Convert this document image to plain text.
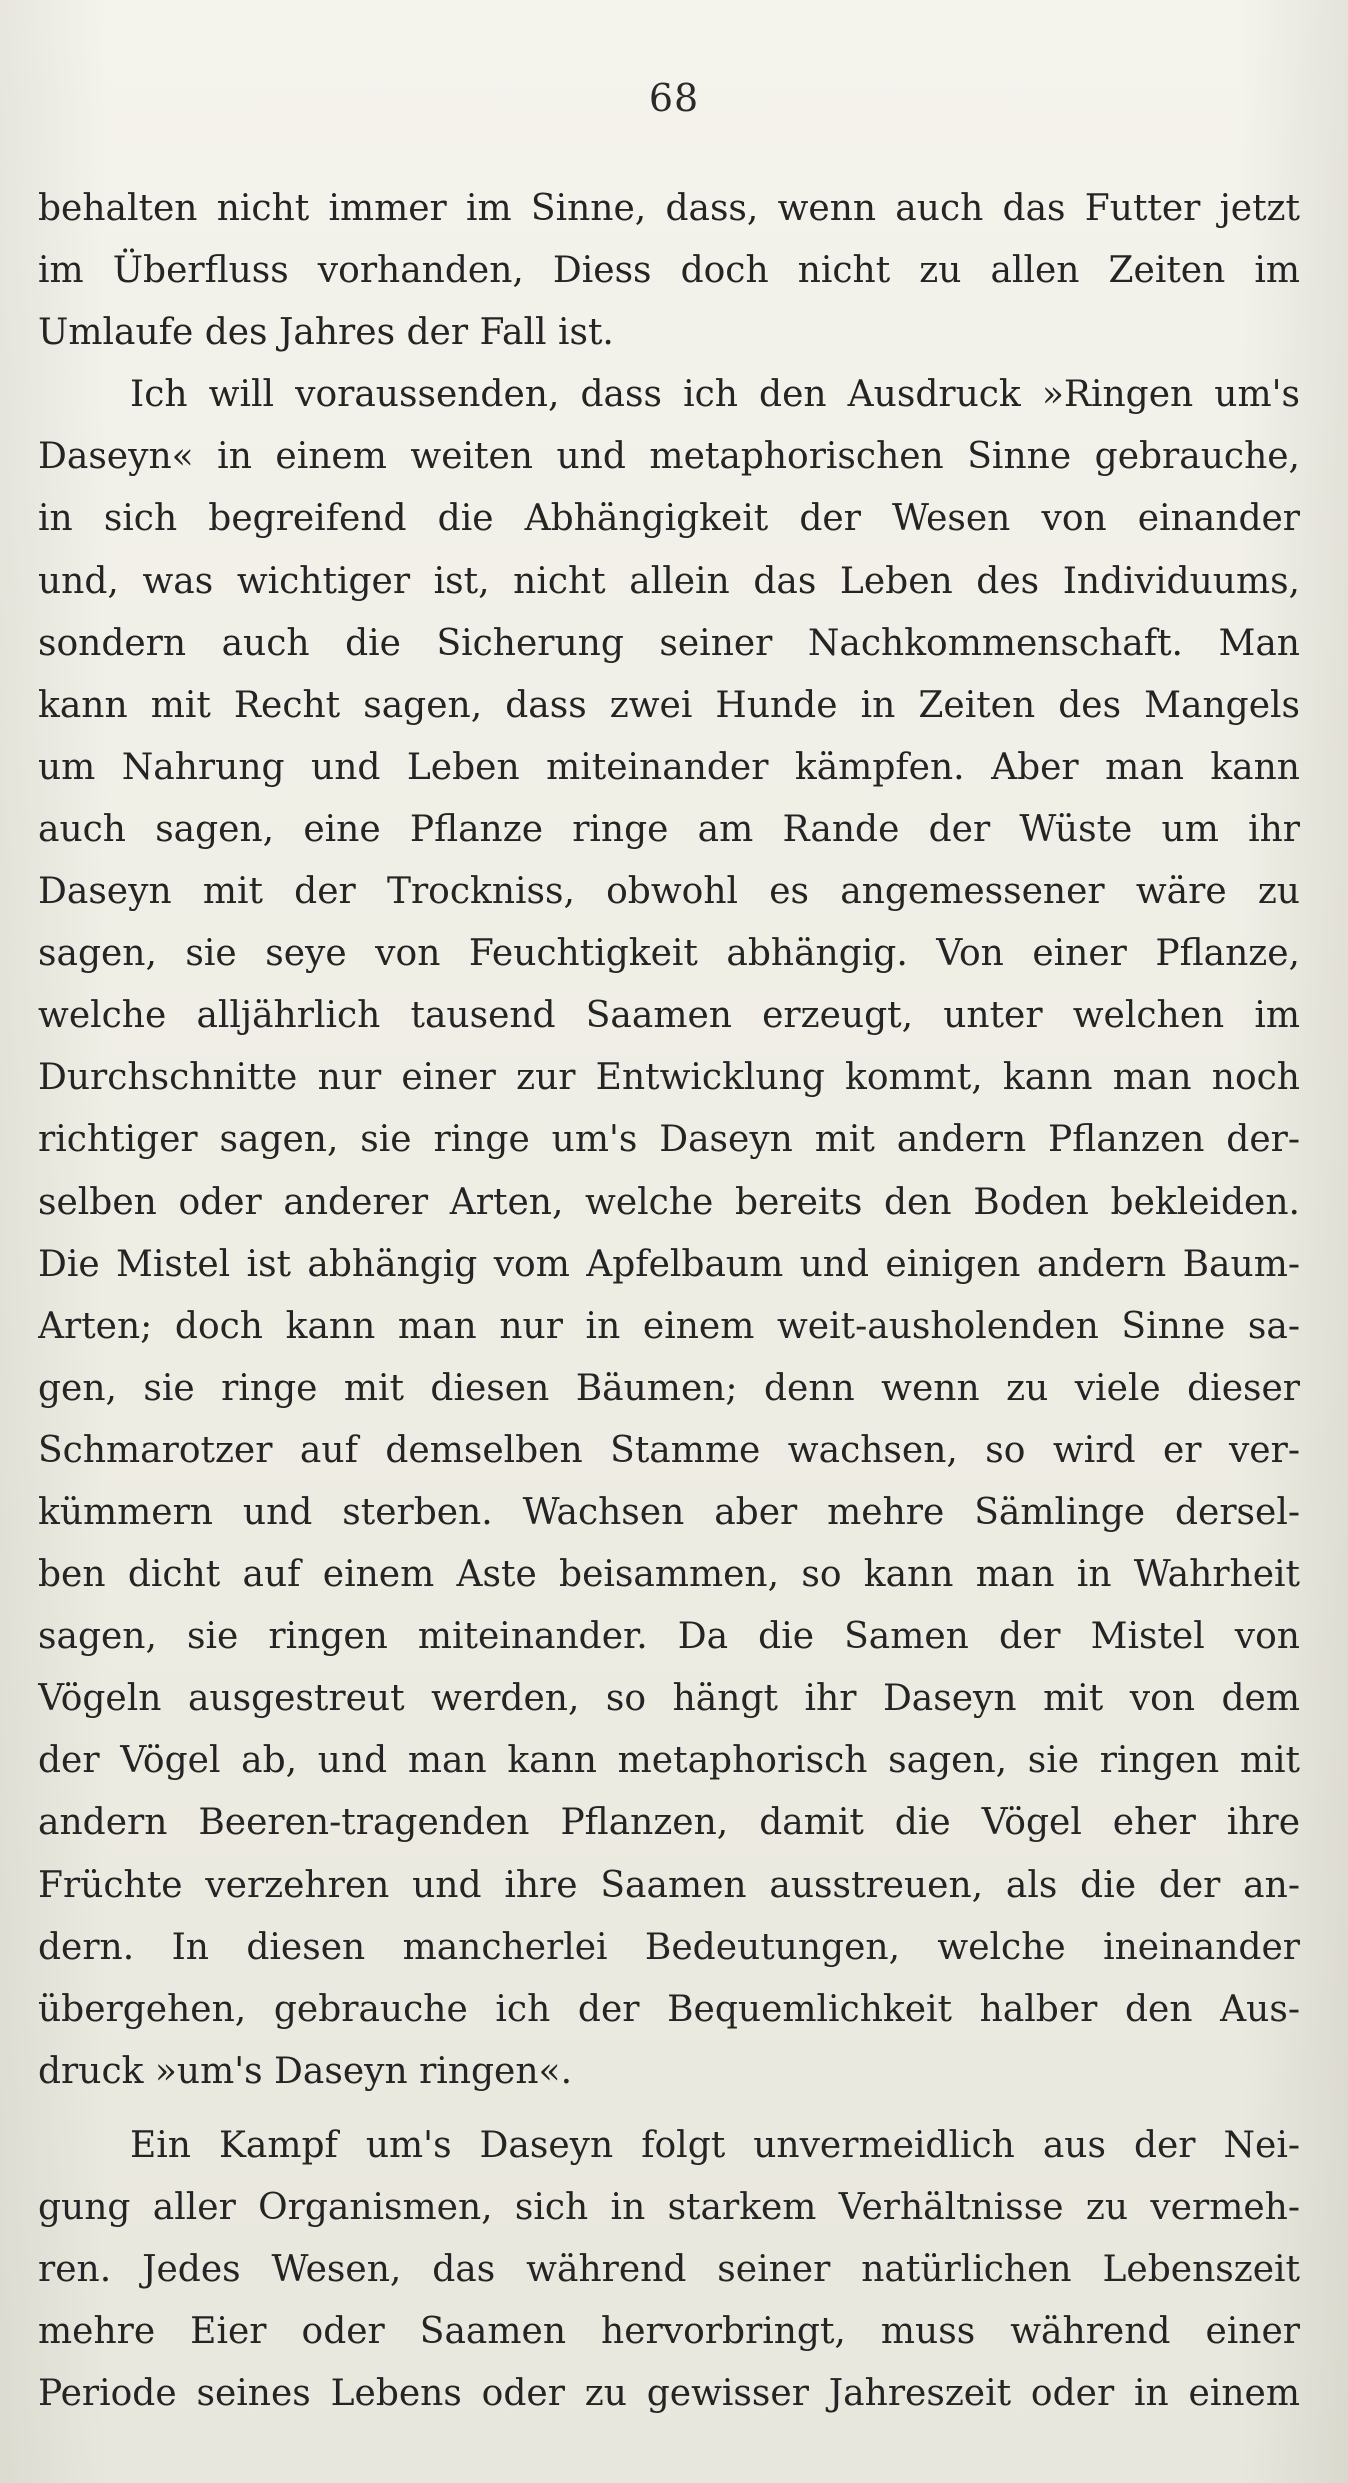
68
behalten nicht immer im Sinne, dass, wenn auch das Futter jetzt
im Überfluss vorhanden, Diess doch nicht zu allen Zeiten im
Umlaufe des Jahres der Fall ist.
Ich will voraussenden, dass ich den Ausdruck »Ringen um's
Daseyn« in einem weiten und metaphorischen Sinne gebrauche,
in sich begreifend die Abhängigkeit der Wesen von einander
und, was wichtiger ist, nicht allein das Leben des Individuums,
sondern auch die Sicherung seiner Nachkommenschaft. Man
kann mit Recht sagen, dass zwei Hunde in Zeiten des Mangels
um Nahrung und Leben miteinander kämpfen. Aber man kann
auch sagen, eine Pflanze ringe am Rande der Wüste um ihr
Daseyn mit der Trockniss, obwohl es angemessener wäre zu
sagen, sie seye von Feuchtigkeit abhängig. Von einer Pflanze,
welche alljährlich tausend Saamen erzeugt, unter welchen im
Durchschnitte nur einer zur Entwicklung kommt, kann man noch
richtiger sagen, sie ringe um's Daseyn mit andern Pflanzen der-
selben oder anderer Arten, welche bereits den Boden bekleiden.
Die Mistel ist abhängig vom Apfelbaum und einigen andern Baum-
Arten; doch kann man nur in einem weit-ausholenden Sinne sa-
gen, sie ringe mit diesen Bäumen; denn wenn zu viele dieser
Schmarotzer auf demselben Stamme wachsen, so wird er ver-
kümmern und sterben. Wachsen aber mehre Sämlinge dersel-
ben dicht auf einem Aste beisammen, so kann man in Wahrheit
sagen, sie ringen miteinander. Da die Samen der Mistel von
Vögeln ausgestreut werden, so hängt ihr Daseyn mit von dem
der Vögel ab, und man kann metaphorisch sagen, sie ringen mit
andern Beeren-tragenden Pflanzen, damit die Vögel eher ihre
Früchte verzehren und ihre Saamen ausstreuen, als die der an-
dern. In diesen mancherlei Bedeutungen, welche ineinander
übergehen, gebrauche ich der Bequemlichkeit halber den Aus-
druck »um's Daseyn ringen«.
Ein Kampf um's Daseyn folgt unvermeidlich aus der Nei-
gung aller Organismen, sich in starkem Verhältnisse zu vermeh-
ren. Jedes Wesen, das während seiner natürlichen Lebenszeit
mehre Eier oder Saamen hervorbringt, muss während einer
Periode seines Lebens oder zu gewisser Jahreszeit oder in einem
